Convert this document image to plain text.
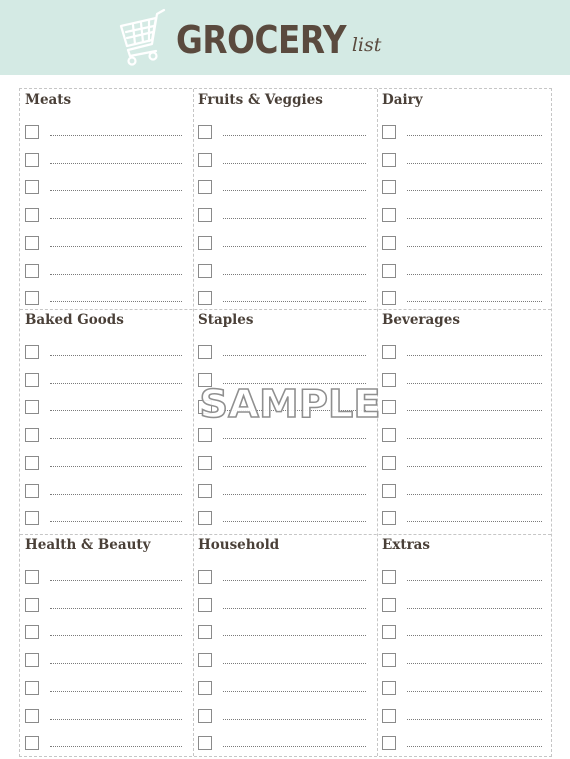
GROCERY list
Meats	Fruits & Veggies	Dairy
Baked Goods	Staples	Beverages
Health & Beauty	Household	Extras
SAMPLE
